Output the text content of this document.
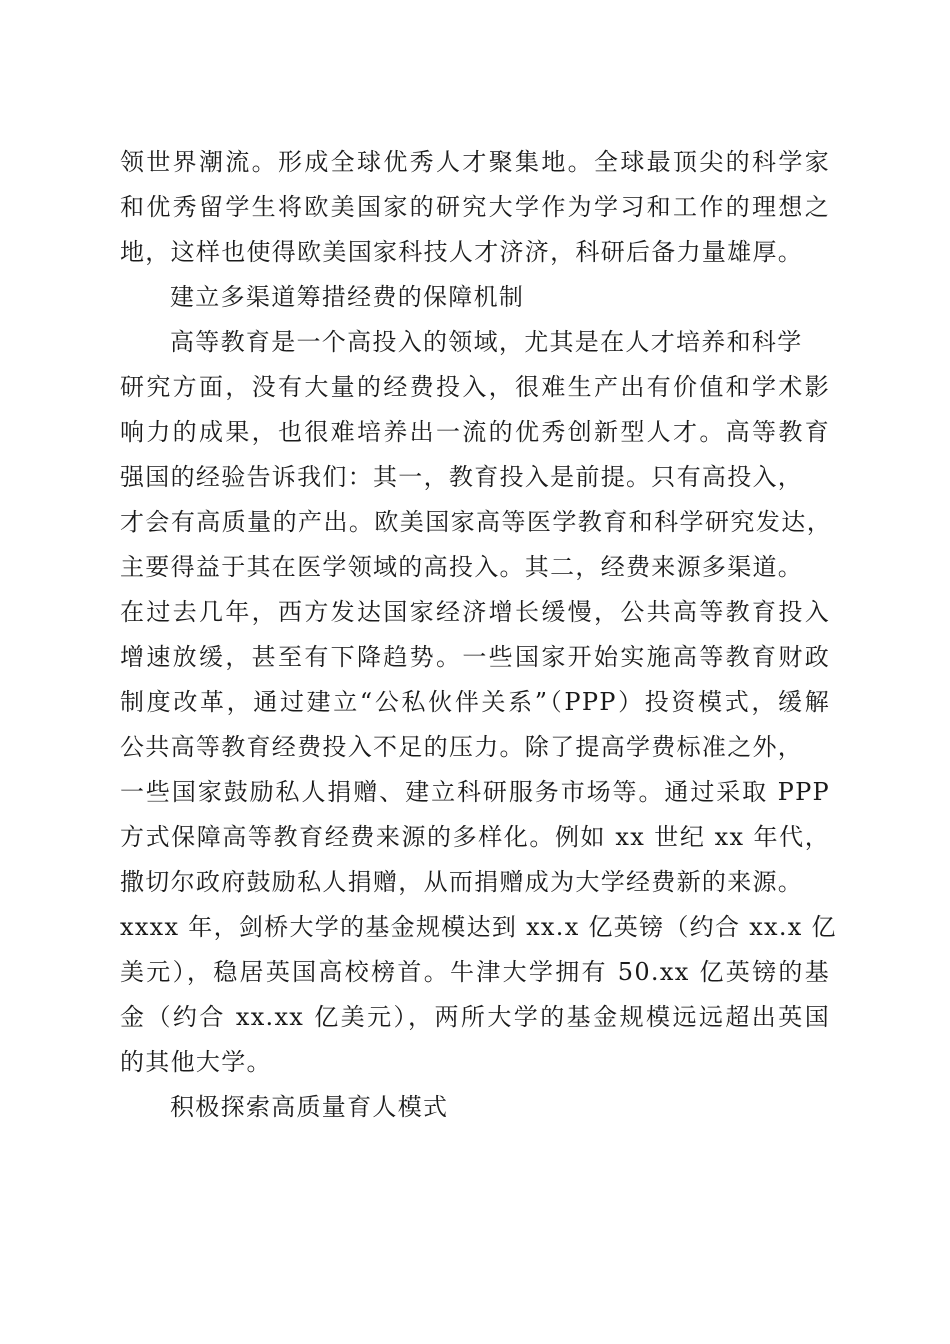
领世界潮流。形成全球优秀人才聚集地。全球最顶尖的科学家
和优秀留学生将欧美国家的研究大学作为学习和工作的理想之
地，这样也使得欧美国家科技人才济济，科研后备力量雄厚。
建立多渠道筹措经费的保障机制
高等教育是一个高投入的领域，尤其是在人才培养和科学
研究方面，没有大量的经费投入，很难生产出有价值和学术影
响力的成果，也很难培养出一流的优秀创新型人才。高等教育
强国的经验告诉我们：其一，教育投入是前提。只有高投入，
才会有高质量的产出。欧美国家高等医学教育和科学研究发达，
主要得益于其在医学领域的高投入。其二，经费来源多渠道。
在过去几年，西方发达国家经济增长缓慢，公共高等教育投入
增速放缓，甚至有下降趋势。一些国家开始实施高等教育财政
制度改革，通过建立“公私伙伴关系”（PPP）投资模式，缓解
公共高等教育经费投入不足的压力。除了提高学费标准之外，
一些国家鼓励私人捐赠、建立科研服务市场等。通过采取 PPP
方式保障高等教育经费来源的多样化。例如 xx 世纪 xx 年代，
撒切尔政府鼓励私人捐赠，从而捐赠成为大学经费新的来源。
xxxx 年，剑桥大学的基金规模达到 xx.x 亿英镑（约合 xx.x 亿
美元），稳居英国高校榜首。牛津大学拥有 50.xx 亿英镑的基
金（约合 xx.xx 亿美元），两所大学的基金规模远远超出英国
的其他大学。
积极探索高质量育人模式
